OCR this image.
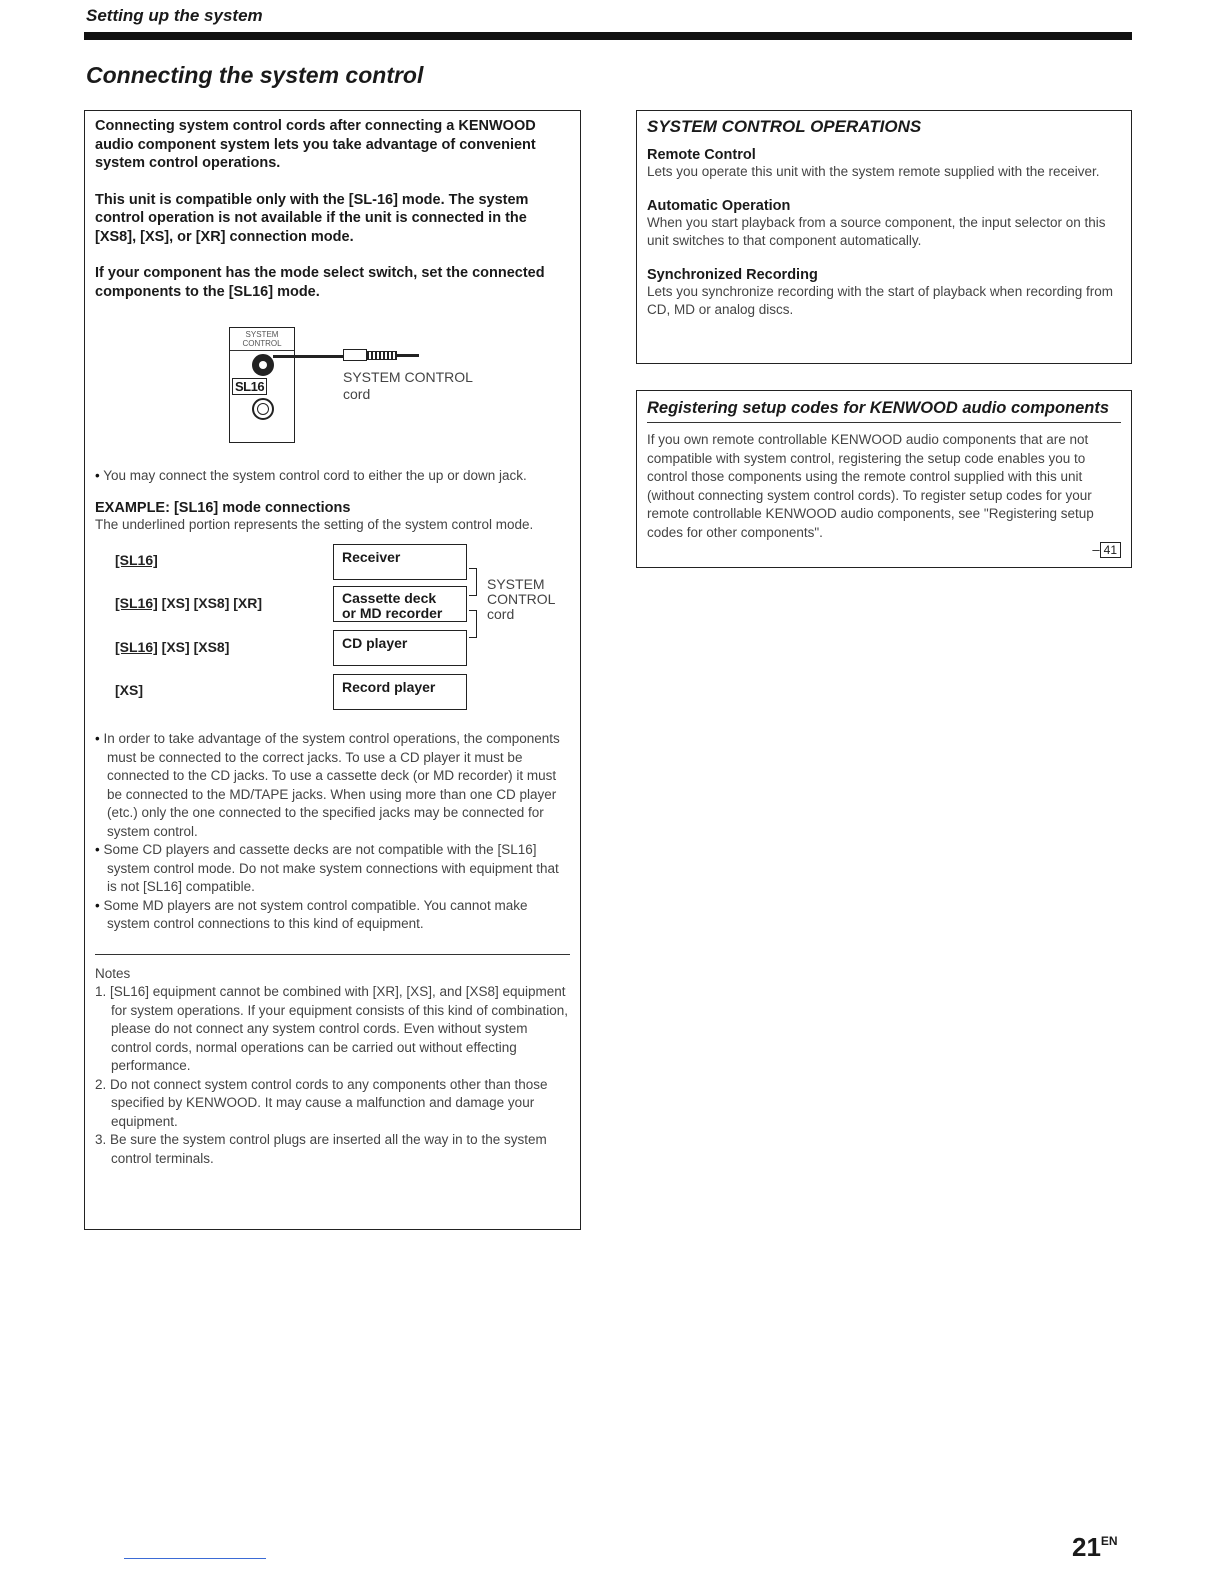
Setting up the system
Connecting the system control

Connecting system control cords after connecting a KENWOOD audio component system lets you take advantage of convenient system control operations.

This unit is compatible only with the [SL-16] mode. The system control operation is not available if the unit is connected in the [XS8], [XS], or [XR] connection mode.

If your component has the mode select switch, set the connected components to the [SL16] mode.

SYSTEM CONTROL
SL16
SYSTEM CONTROL
cord

• You may connect the system control cord to either the up or down jack.

EXAMPLE: [SL16] mode connections

The underlined portion represents the setting of the system control mode.

[SL16]
[SL16] [XS] [XS8] [XR]
[SL16] [XS] [XS8]
[XS]
Receiver
Cassette deck
or MD recorder
CD player
Record player
SYSTEM
CONTROL
cord

• In order to take advantage of the system control operations, the components must be connected to the correct jacks. To use a CD player it must be connected to the CD jacks. To use a cassette deck (or MD recorder) it must be connected to the MD/TAPE jacks. When using more than one CD player (etc.) only the one connected to the specified jacks may be connected for system control.

• Some CD players and cassette decks are not compatible with the [SL16] system control mode. Do not make system connections with equipment that is not [SL16] compatible.

• Some MD players are not system control compatible. You cannot make system control connections to this kind of equipment.

Notes

1. [SL16] equipment cannot be combined with [XR], [XS], and [XS8] equipment for system operations. If your equipment consists of this kind of combination, please do not connect any system control cords. Even without system control cords, normal operations can be carried out without effecting performance.

2. Do not connect system control cords to any components other than those specified by KENWOOD. It may cause a malfunction and damage your equipment.

3. Be sure the system control plugs are inserted all the way in to the system control terminals.

SYSTEM CONTROL OPERATIONS

Remote Control

Lets you operate this unit with the system remote supplied with the receiver.

Automatic Operation

When you start playback from a source component, the input selector on this unit switches to that component automatically.

Synchronized Recording

Lets you synchronize recording with the start of playback when recording from CD, MD or analog discs.

Registering setup codes for KENWOOD audio components

If you own remote controllable KENWOOD audio components that are not compatible with system control, registering the setup code enables you to control those components using the remote control supplied with this unit (without connecting system control cords). To register setup codes for your remote controllable KENWOOD audio components, see "Registering setup codes for other components".

– 41
$21^{EN}$
